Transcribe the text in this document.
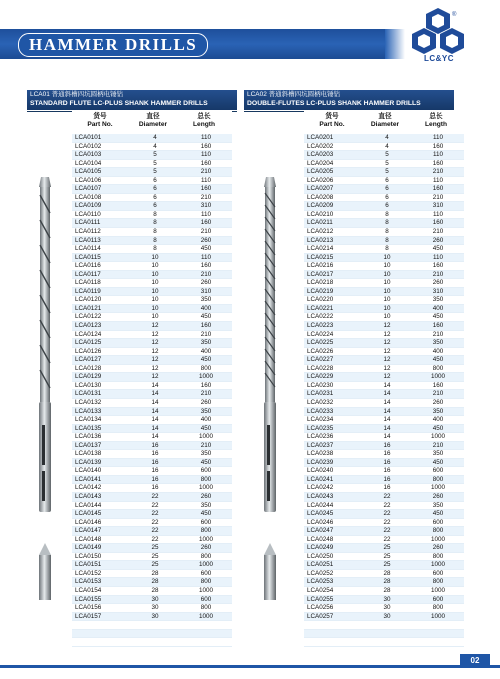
HAMMER DRILLS
®
LC&YC
LCA01 普通斜槽四坑圆柄电锤钻
STANDARD FLUTE LC-PLUS SHANK HAMMER DRILLS
货号
Part No.
直径
Diameter
总长
Length
LCA0101	4	110
LCA0102	4	160
LCA0103	5	110
LCA0104	5	160
LCA0105	5	210
LCA0106	6	110
LCA0107	6	160
LCA0108	6	210
LCA0109	6	310
LCA0110	8	110
LCA0111	8	160
LCA0112	8	210
LCA0113	8	260
LCA0114	8	450
LCA0115	10	110
LCA0116	10	160
LCA0117	10	210
LCA0118	10	260
LCA0119	10	310
LCA0120	10	350
LCA0121	10	400
LCA0122	10	450
LCA0123	12	160
LCA0124	12	210
LCA0125	12	350
LCA0126	12	400
LCA0127	12	450
LCA0128	12	800
LCA0129	12	1000
LCA0130	14	160
LCA0131	14	210
LCA0132	14	260
LCA0133	14	350
LCA0134	14	400
LCA0135	14	450
LCA0136	14	1000
LCA0137	16	210
LCA0138	16	350
LCA0139	16	450
LCA0140	16	600
LCA0141	16	800
LCA0142	16	1000
LCA0143	22	260
LCA0144	22	350
LCA0145	22	450
LCA0146	22	600
LCA0147	22	800
LCA0148	22	1000
LCA0149	25	260
LCA0150	25	800
LCA0151	25	1000
LCA0152	28	600
LCA0153	28	800
LCA0154	28	1000
LCA0155	30	600
LCA0156	30	800
LCA0157	30	1000

LCA02 普通斜槽四坑圆柄电锤钻
DOUBLE-FLUTES LC-PLUS SHANK HAMMER DRILLS
货号
Part No.
直径
Diameter
总长
Length
LCA0201	4	110
LCA0202	4	160
LCA0203	5	110
LCA0204	5	160
LCA0205	5	210
LCA0206	6	110
LCA0207	6	160
LCA0208	6	210
LCA0209	6	310
LCA0210	8	110
LCA0211	8	160
LCA0212	8	210
LCA0213	8	260
LCA0214	8	450
LCA0215	10	110
LCA0216	10	160
LCA0217	10	210
LCA0218	10	260
LCA0219	10	310
LCA0220	10	350
LCA0221	10	400
LCA0222	10	450
LCA0223	12	160
LCA0224	12	210
LCA0225	12	350
LCA0226	12	400
LCA0227	12	450
LCA0228	12	800
LCA0229	12	1000
LCA0230	14	160
LCA0231	14	210
LCA0232	14	260
LCA0233	14	350
LCA0234	14	400
LCA0235	14	450
LCA0236	14	1000
LCA0237	16	210
LCA0238	16	350
LCA0239	16	450
LCA0240	16	600
LCA0241	16	800
LCA0242	16	1000
LCA0243	22	260
LCA0244	22	350
LCA0245	22	450
LCA0246	22	600
LCA0247	22	800
LCA0248	22	1000
LCA0249	25	260
LCA0250	25	800
LCA0251	25	1000
LCA0252	28	600
LCA0253	28	800
LCA0254	28	1000
LCA0255	30	600
LCA0256	30	800
LCA0257	30	1000

02
